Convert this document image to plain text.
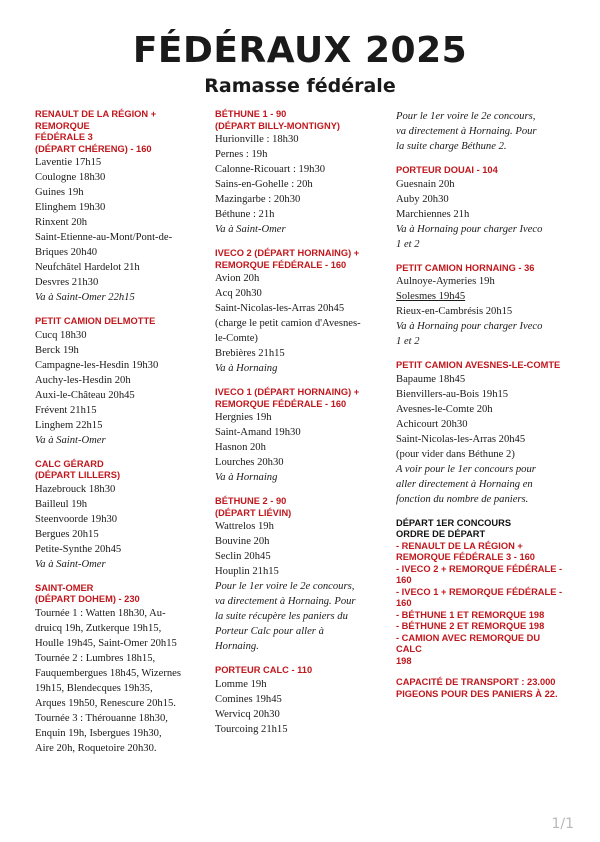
FÉDÉRAUX 2025
Ramasse fédérale
RENAULT DE LA RÉGION + REMORQUE
FÉDÉRALE 3
(DÉPART CHÉRENG) - 160
Laventie 17h15
Coulogne 18h30
Guines 19h
Elinghem 19h30
Rinxent 20h
Saint-Etienne-au-Mont/Pont-de-
Briques 20h40
Neufchâtel Hardelot 21h
Desvres 21h30
Va à Saint-Omer 22h15
PETIT CAMION DELMOTTE
Cucq 18h30
Berck 19h
Campagne-les-Hesdin 19h30
Auchy-les-Hesdin 20h
Auxi-le-Château 20h45
Frévent 21h15
Linghem 22h15
Va à Saint-Omer
CALC GÉRARD
(DÉPART LILLERS)
Hazebrouck 18h30
Bailleul 19h
Steenvoorde 19h30
Bergues 20h15
Petite-Synthe 20h45
Va à Saint-Omer
SAINT-OMER
(DÉPART DOHEM) - 230
Tournée 1 : Watten 18h30, Au-
druicq 19h, Zutkerque 19h15,
Houlle 19h45, Saint-Omer 20h15
Tournée 2 : Lumbres 18h15,
Fauquembergues 18h45, Wizernes
19h15, Blendecques 19h35,
Arques 19h50, Renescure 20h15.
Tournée 3 : Thérouanne 18h30,
Enquin 19h, Isbergues 19h30,
Aire 20h, Roquetoire 20h30.
BÉTHUNE 1 - 90
(DÉPART BILLY-MONTIGNY)
Hurionville : 18h30
Pernes : 19h
Calonne-Ricouart : 19h30
Sains-en-Gohelle : 20h
Mazingarbe : 20h30
Béthune : 21h
Va à Saint-Omer
IVECO 2 (DÉPART HORNAING) +
REMORQUE FÉDÉRALE - 160
Avion 20h
Acq 20h30
Saint-Nicolas-les-Arras 20h45
(charge le petit camion d'Avesnes-
le-Comte)
Brebières 21h15
Va à Hornaing
IVECO 1 (DÉPART HORNAING) +
REMORQUE FÉDÉRALE - 160
Hergnies 19h
Saint-Amand 19h30
Hasnon 20h
Lourches 20h30
Va à Hornaing
BÉTHUNE 2 - 90
(DÉPART LIÉVIN)
Wattrelos 19h
Bouvine 20h
Seclin 20h45
Houplin 21h15
Pour le 1er voire le 2e concours,
va directement à Hornaing. Pour
la suite récupère les paniers du
Porteur Calc pour aller à
Hornaing.
PORTEUR CALC - 110
Lomme 19h
Comines 19h45
Wervicq 20h30
Tourcoing 21h15
Pour le 1er voire le 2e concours,
va directement à Hornaing. Pour
la suite charge Béthune 2.
PORTEUR DOUAI - 104
Guesnain 20h
Auby 20h30
Marchiennes 21h
Va à Hornaing pour charger Iveco
1 et 2
PETIT CAMION HORNAING - 36
Aulnoye-Aymeries 19h
Solesmes 19h45
Rieux-en-Cambrésis 20h15
Va à Hornaing pour charger Iveco
1 et 2
PETIT CAMION AVESNES-LE-COMTE
Bapaume 18h45
Bienvillers-au-Bois 19h15
Avesnes-le-Comte 20h
Achicourt 20h30
Saint-Nicolas-les-Arras 20h45
(pour vider dans Béthune 2)
A voir pour le 1er concours pour
aller directement à Hornaing en
fonction du nombre de paniers.
DÉPART 1ER CONCOURS
ORDRE DE DÉPART
- RENAULT DE LA RÉGION +
REMORQUE FÉDÉRALE 3 - 160
- IVECO 2 + REMORQUE FÉDÉRALE -
160
- IVECO 1 + REMORQUE FÉDÉRALE -
160
- BÉTHUNE 1 ET REMORQUE 198
- BÉTHUNE 2 ET REMORQUE 198
- CAMION AVEC REMORQUE DU CALC
198
CAPACITÉ DE TRANSPORT : 23.000
PIGEONS POUR DES PANIERS À 22.
1/1
